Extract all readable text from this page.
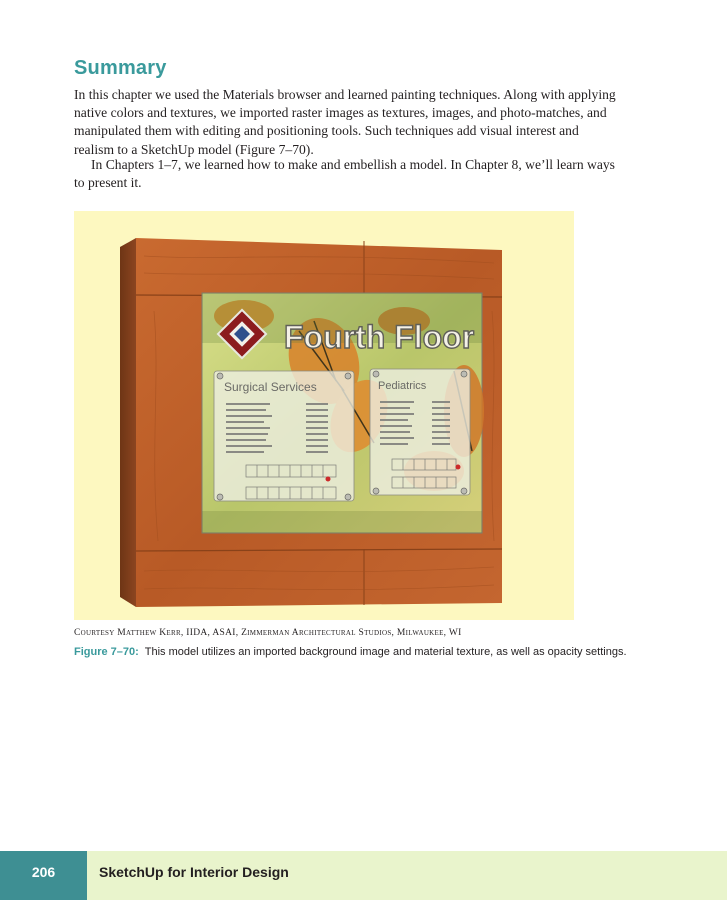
Summary
In this chapter we used the Materials browser and learned painting techniques. Along with applying native colors and textures, we imported raster images as textures, images, and photo-matches, and manipulated them with editing and positioning tools. Such techniques add visual interest and realism to a SketchUp model (Figure 7–70).
In Chapters 1–7, we learned how to make and embellish a model. In Chapter 8, we’ll learn ways to present it.
Fourth Floor
Surgical Services	Pediatrics
Courtesy Matthew Kerr, IIDA, ASAI, Zimmerman Architectural Studios, Milwaukee, WI
Figure 7–70: This model utilizes an imported background image and material texture, as well as opacity settings.
206	SketchUp for Interior Design
